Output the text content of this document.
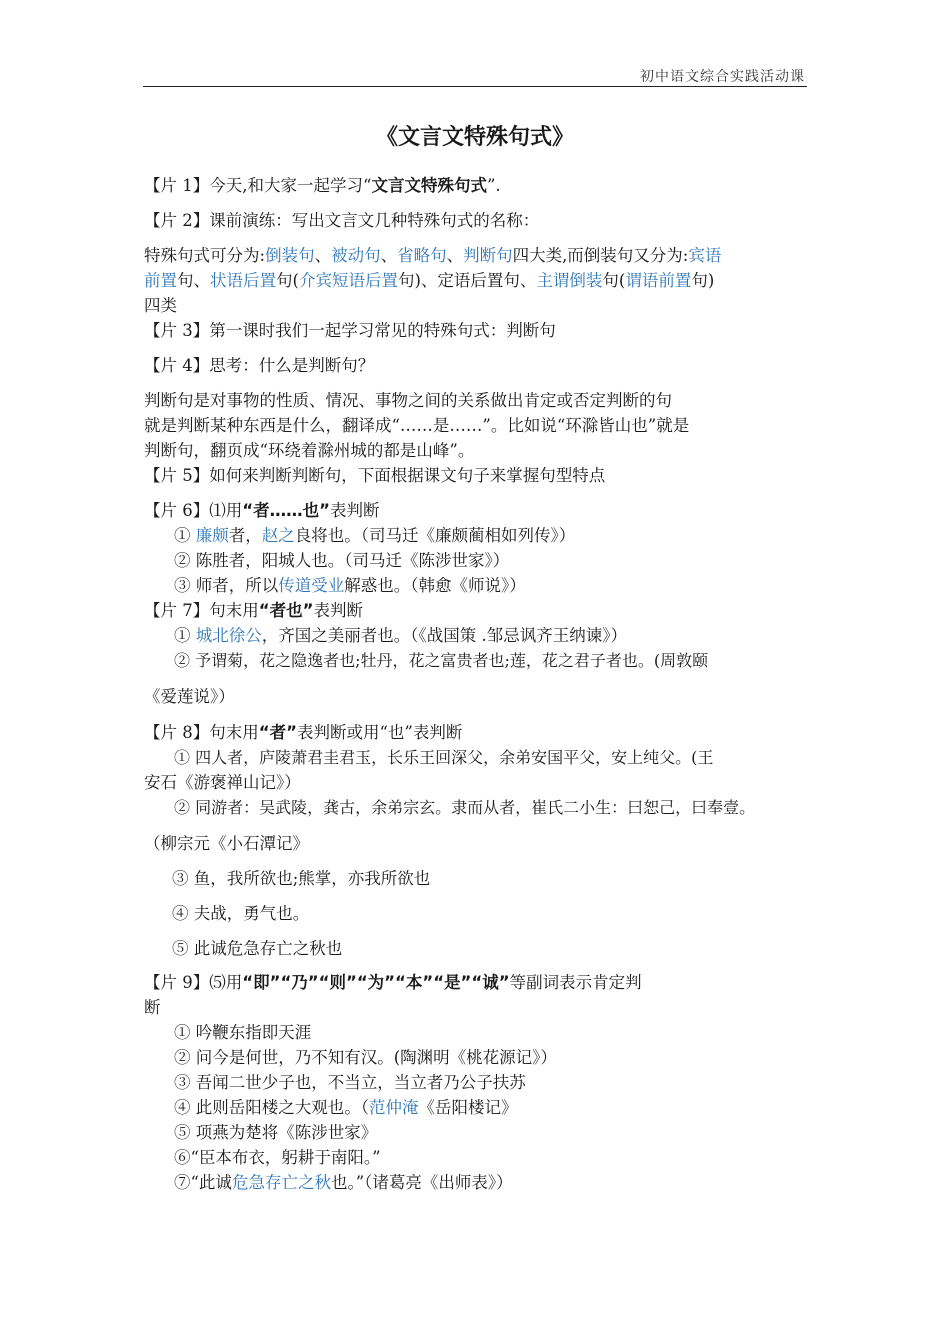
初中语文综合实践活动课
《文言文特殊句式》
【片 1】今天,和大家一起学习“文言文特殊句式”.
【片 2】课前演练：写出文言文几种特殊句式的名称：
特殊句式可分为:倒装句、被动句、省略句、判断句四大类,而倒装句又分为:宾语
前置句、状语后置句(介宾短语后置句)、定语后置句、主谓倒装句(谓语前置句)
四类
【片 3】第一课时我们一起学习常见的特殊句式：判断句
【片 4】思考：什么是判断句？
判断句是对事物的性质、情况、事物之间的关系做出肯定或否定判断的句
就是判断某种东西是什么，翻译成“……是……”。比如说“环滁皆山也”就是
判断句，翻页成“环绕着滁州城的都是山峰”。
【片 5】如何来判断判断句，下面根据课文句子来掌握句型特点
【片 6】⑴用“者……也”表判断
① 廉颇者，赵之良将也。（司马迁《廉颇蔺相如列传》）
② 陈胜者，阳城人也。（司马迁《陈涉世家》）
③ 师者，所以传道受业解惑也。（韩愈《师说》）
【片 7】句末用“者也”表判断
① 城北徐公，齐国之美丽者也。（《战国策 .邹忌讽齐王纳谏》）
② 予谓菊，花之隐逸者也;牡丹，花之富贵者也;莲，花之君子者也。(周敦颐
《爱莲说》）
【片 8】句末用“者”表判断或用“也”表判断
① 四人者，庐陵萧君圭君玉，长乐王回深父，余弟安国平父，安上纯父。(王
安石《游褒禅山记》）
② 同游者：吴武陵，龚古，余弟宗玄。隶而从者，崔氏二小生：曰恕己，曰奉壹。
（柳宗元《小石潭记》
③ 鱼，我所欲也;熊掌，亦我所欲也
④ 夫战，勇气也。
⑤ 此诚危急存亡之秋也
【片 9】⑸用“即”“乃”“则”“为”“本”“是”“诚”等副词表示肯定判
断
① 吟鞭东指即天涯
② 问今是何世，乃不知有汉。(陶渊明《桃花源记》）
③ 吾闻二世少子也，不当立，当立者乃公子扶苏
④ 此则岳阳楼之大观也。（范仲淹《岳阳楼记》
⑤ 项燕为楚将《陈涉世家》
⑥“臣本布衣，躬耕于南阳。”
⑦“此诚危急存亡之秋也。”（诸葛亮《出师表》）
